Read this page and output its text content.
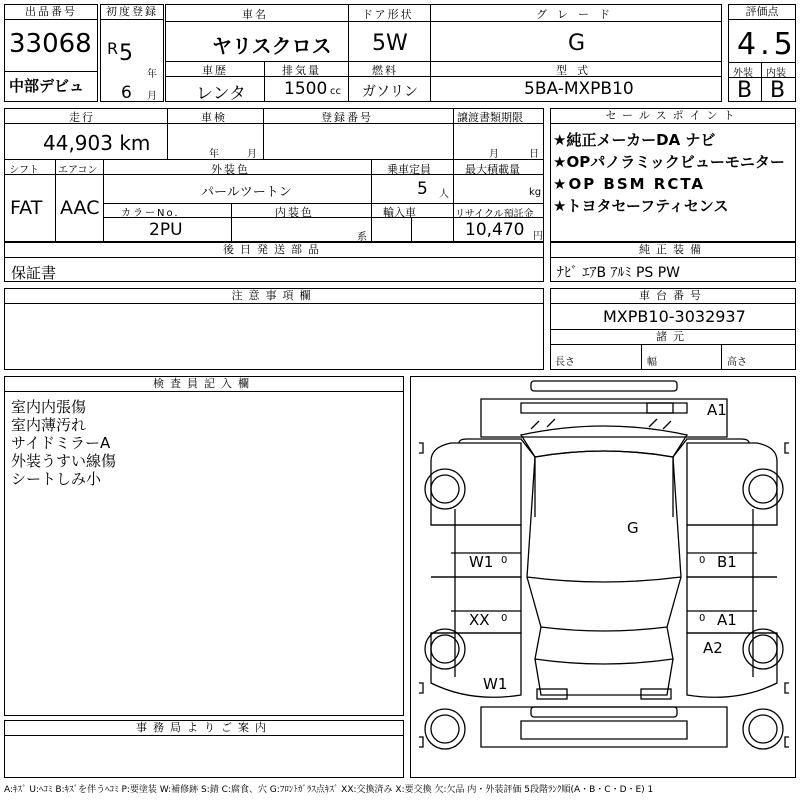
出品番号
33068
中部デビュ
初度登録
R 5
年
6 月
車名
ヤリスクロス
ドア形状
5W
グレード
G
車歴
レンタ
排気量
1500 cc
燃料
ガソリン
型式
5BA-MXPB10
評価点
4.5
外装 内装
B B
走行
44,903 km
車検
年	月
登録番号	譲渡書類期限
月	日
シフト エアコン
FAT AAC
外装色
パールツートン
乗車定員
5 人
最大積載量
kg
カラーNo.
2PU
内装色
系
輸入車	リサイクル預託金
10,470 円
セールスポイント
★純正メーカーDA ナビ
★OPパノラミックビューモニター
★OP BSM RCTA
★トヨタセーフティセンス
後日発送部品
保証書
純正装備
ﾅﾋﾞ ｴｱB ｱﾙﾐ PS PW
注意事項欄	車台番号
MXPB10-3032937
諸元
長さ	幅	高さ
検査員記入欄
室内内張傷
室内薄汚れ
サイドミラーA
外装うすい線傷
シートしみ小
事務局よりご案内
A1
G
W1	B1
XX	A1
A2
W1
0	0
0	0
A:ｷｽﾞ U:ﾍｺﾐ B:ｷｽﾞを伴うﾍｺﾐ P:要塗装 W:補修跡 S:錆 C:腐食、穴 G:ﾌﾛﾝﾄｶﾞﾗｽ点ｷｽﾞ XX:交換済み X:要交換 欠:欠品 内・外装評価 5段階ﾗﾝｸ順(A・B・C・D・E) 1
